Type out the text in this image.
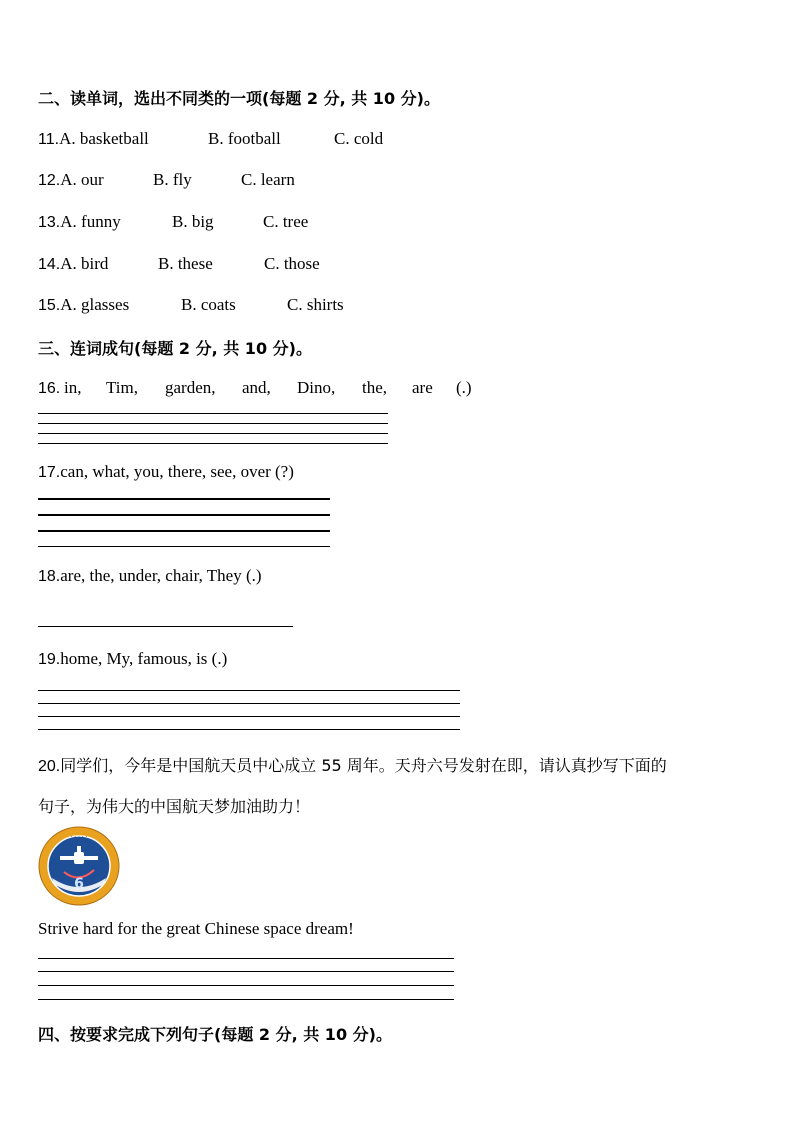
二、读单词，选出不同类的一项(每题 2 分, 共 10 分)。
11.A. basketball	B. football	C. cold
12.A. our	B. fly	C. learn
13.A. funny	B. big	C. tree
14.A. bird	B. these	C. those
15.A. glasses	B. coats	C. shirts
三、连词成句(每题 2 分, 共 10 分)。
16. in, Tim, garden, and, Dino, the, are (.)
17.can, what, you, there, see, over (?)
18.are, the, under, chair, They (.)
19.home, My, famous, is (.)
20.同学们，今年是中国航天员中心成立 55 周年。天舟六号发射在即，请认真抄写下面的
句子，为伟大的中国航天梦加油助力！
6
· · · · ·
Strive hard for the great Chinese space dream!
四、按要求完成下列句子(每题 2 分, 共 10 分)。
